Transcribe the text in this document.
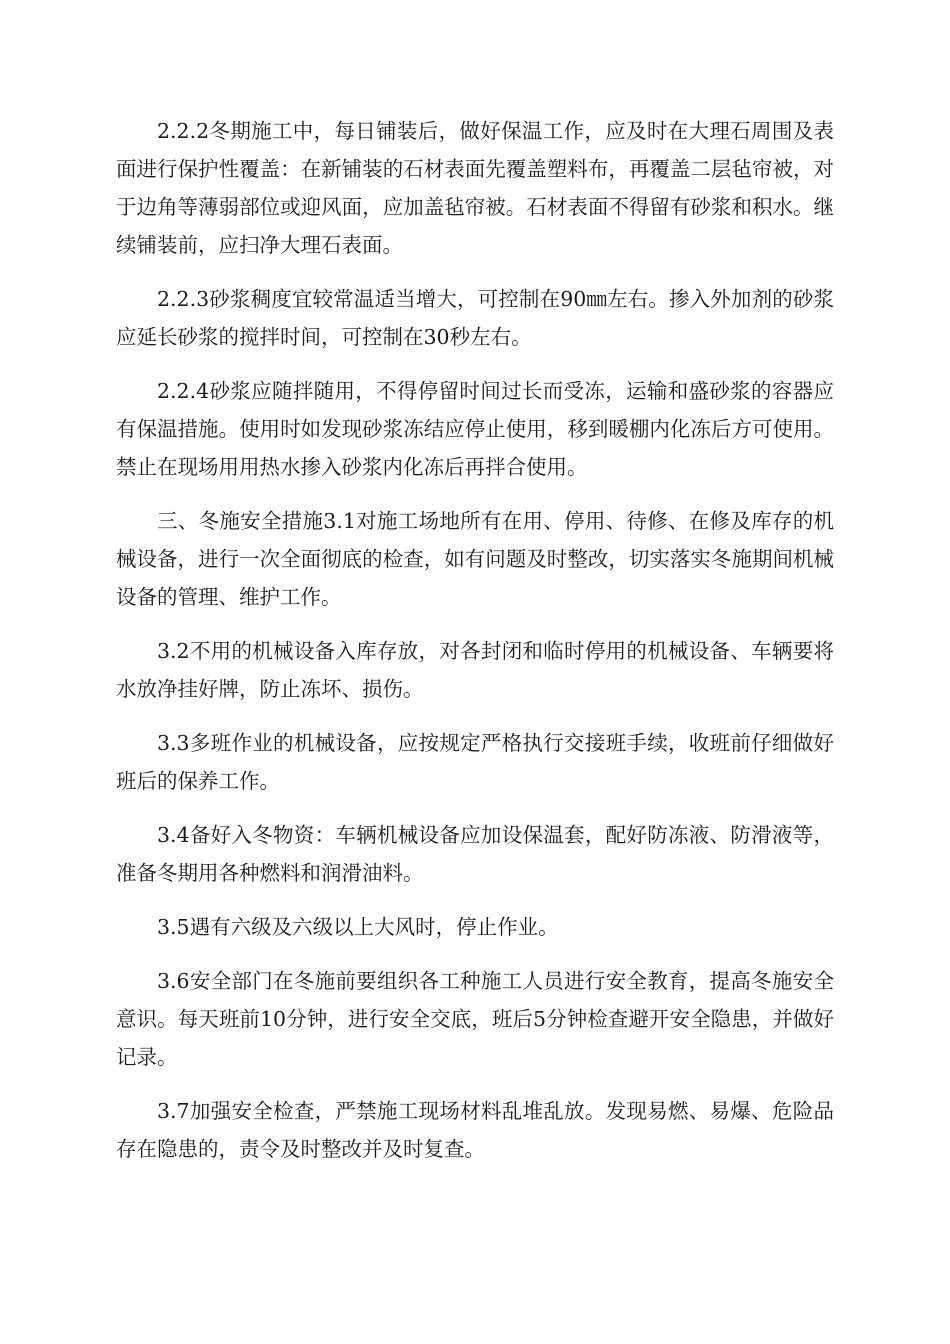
2.2.2冬期施工中，每日铺装后，做好保温工作，应及时在大理石周围及表面进行保护性覆盖：在新铺装的石材表面先覆盖塑料布，再覆盖二层毡帘被，对于边角等薄弱部位或迎风面，应加盖毡帘被。石材表面不得留有砂浆和积水。继续铺装前，应扫净大理石表面。

2.2.3砂浆稠度宜较常温适当增大，可控制在90㎜左右。掺入外加剂的砂浆应延长砂浆的搅拌时间，可控制在30秒左右。

2.2.4砂浆应随拌随用，不得停留时间过长而受冻，运输和盛砂浆的容器应有保温措施。使用时如发现砂浆冻结应停止使用，移到暖棚内化冻后方可使用。禁止在现场用用热水掺入砂浆内化冻后再拌合使用。

三、冬施安全措施3.1对施工场地所有在用、停用、待修、在修及库存的机械设备，进行一次全面彻底的检查，如有问题及时整改，切实落实冬施期间机械设备的管理、维护工作。

3.2不用的机械设备入库存放，对各封闭和临时停用的机械设备、车辆要将水放净挂好牌，防止冻坏、损伤。

3.3多班作业的机械设备，应按规定严格执行交接班手续，收班前仔细做好班后的保养工作。

3.4备好入冬物资：车辆机械设备应加设保温套，配好防冻液、防滑液等，准备冬期用各种燃料和润滑油料。

3.5遇有六级及六级以上大风时，停止作业。

3.6安全部门在冬施前要组织各工种施工人员进行安全教育，提高冬施安全意识。每天班前10分钟，进行安全交底，班后5分钟检查避开安全隐患，并做好记录。

3.7加强安全检查，严禁施工现场材料乱堆乱放。发现易燃、易爆、危险品存在隐患的，责令及时整改并及时复查。
